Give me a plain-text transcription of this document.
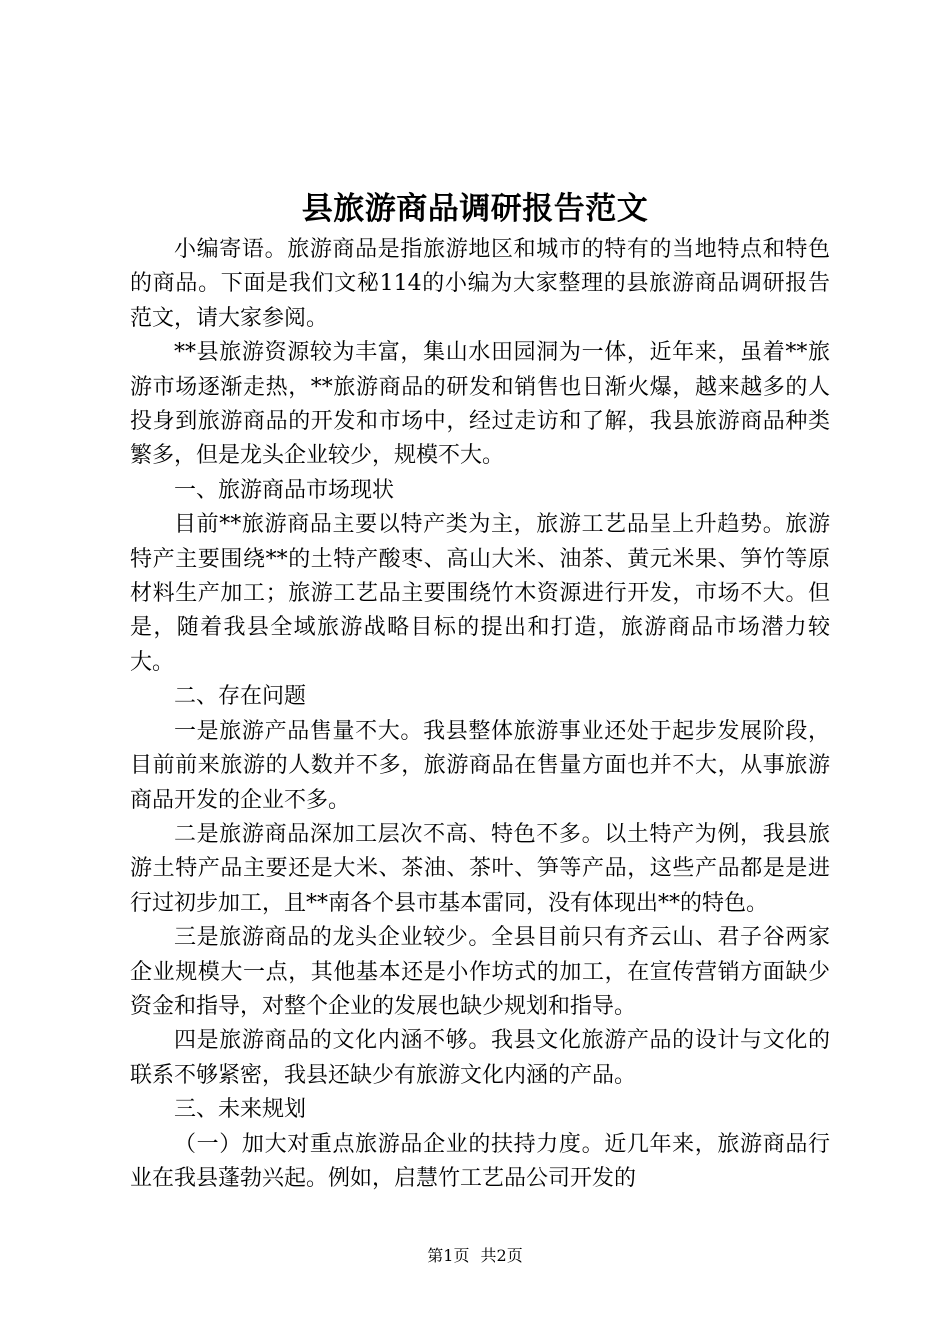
县旅游商品调研报告范文

小编寄语。旅游商品是指旅游地区和城市的特有的当地特点和特色的商品。下面是我们文秘114的小编为大家整理的县旅游商品调研报告范文，请大家参阅。

**县旅游资源较为丰富，集山水田园洞为一体，近年来，虽着**旅游市场逐渐走热，**旅游商品的研发和销售也日渐火爆，越来越多的人投身到旅游商品的开发和市场中，经过走访和了解，我县旅游商品种类繁多，但是龙头企业较少，规模不大。

一、旅游商品市场现状

目前**旅游商品主要以特产类为主，旅游工艺品呈上升趋势。旅游特产主要围绕**的土特产酸枣、高山大米、油茶、黄元米果、笋竹等原材料生产加工；旅游工艺品主要围绕竹木资源进行开发，市场不大。但是，随着我县全域旅游战略目标的提出和打造，旅游商品市场潜力较大。

二、存在问题

一是旅游产品售量不大。我县整体旅游事业还处于起步发展阶段，目前前来旅游的人数并不多，旅游商品在售量方面也并不大，从事旅游商品开发的企业不多。

二是旅游商品深加工层次不高、特色不多。以土特产为例，我县旅游土特产品主要还是大米、茶油、茶叶、笋等产品，这些产品都是是进行过初步加工，且**南各个县市基本雷同，没有体现出**的特色。

三是旅游商品的龙头企业较少。全县目前只有齐云山、君子谷两家企业规模大一点，其他基本还是小作坊式的加工，在宣传营销方面缺少资金和指导，对整个企业的发展也缺少规划和指导。

四是旅游商品的文化内涵不够。我县文化旅游产品的设计与文化的联系不够紧密，我县还缺少有旅游文化内涵的产品。

三、未来规划

（一）加大对重点旅游品企业的扶持力度。近几年来，旅游商品行业在我县蓬勃兴起。例如，启慧竹工艺品公司开发的

第1页 共2页
